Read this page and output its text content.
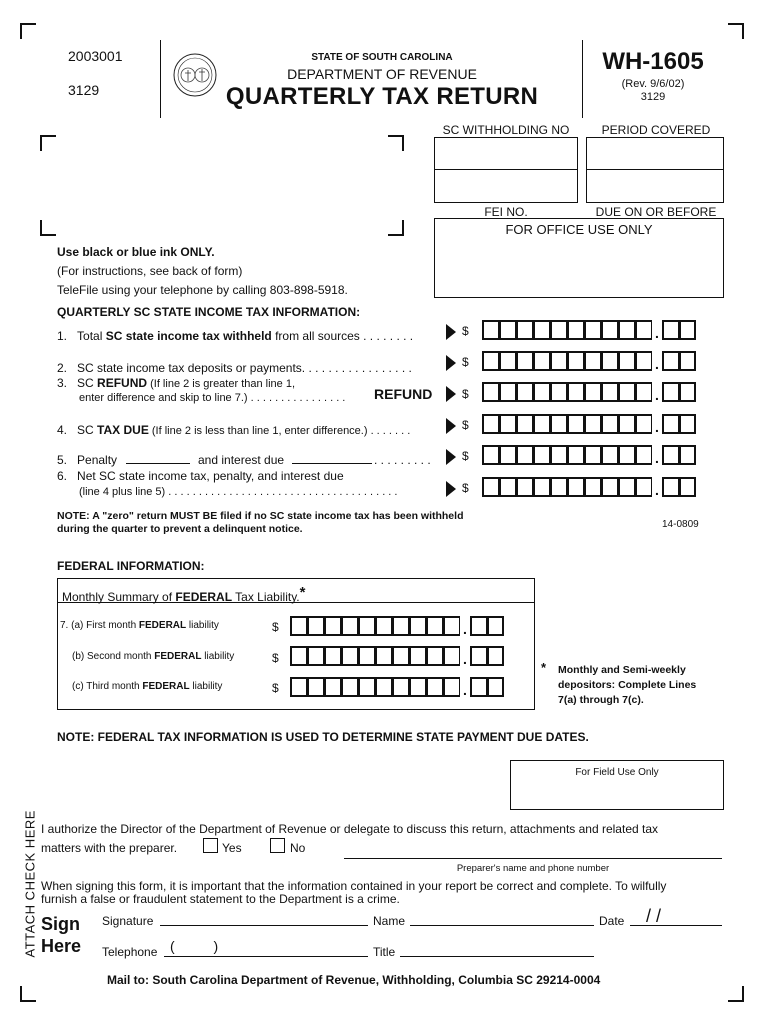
2003001
3129
STATE OF SOUTH CAROLINA
DEPARTMENT OF REVENUE
QUARTERLY TAX RETURN
WH-1605
(Rev. 9/6/02)
3129
SC WITHHOLDING NO	PERIOD COVERED
FEI NO.	DUE ON OR BEFORE
FOR OFFICE USE ONLY
Use black or blue ink ONLY.
(For instructions, see back of form)
TeleFile using your telephone by calling 803-898-5918.
QUARTERLY SC STATE INCOME TAX INFORMATION:
1. Total SC state income tax withheld from all sources . . . . . . . .	$	.
2. SC state income tax deposits or payments. . . . . . . . . . . . . . . . .	$	.
3. SC REFUND (If line 2 is greater than line 1,
enter difference and skip to line 7.) . . . . . . . . . . . . . . . . REFUND $	.
4. SC TAX DUE (If line 2 is less than line 1, enter difference.) . . . . . . .	$	.
5. Penalty	and interest due	. . . . . . . . .	$	.
6. Net SC state income tax, penalty, and interest due
(line 4 plus line 5) . . . . . . . . . . . . . . . . . . . . . . . . . . . . . . . . . . . . . .	$	.
NOTE: A "zero" return MUST BE filed if no SC state income tax has been withheld
during the quarter to prevent a delinquent notice.	14-0809
FEDERAL INFORMATION:
Monthly Summary of FEDERAL Tax Liability.*
7. (a) First month FEDERAL liability	$	.
(b) Second month FEDERAL liability	$	.
(c) Third month FEDERAL liability	$	.
* Monthly and Semi-weekly
depositors: Complete Lines
7(a) through 7(c).
NOTE: FEDERAL TAX INFORMATION IS USED TO DETERMINE STATE PAYMENT DUE DATES.
For Field Use Only
ATTACH CHECK HERE I authorize the Director of the Department of Revenue or delegate to discuss this return, attachments and related tax
matters with the preparer.	Yes	No
Preparer's name and phone number
When signing this form, it is important that the information contained in your report be correct and complete. To wilfully
furnish a false or fraudulent statement to the Department is a crime.
Sign
Here
Signature	Name	Date / /
Telephone (          )	Title
Mail to: South Carolina Department of Revenue, Withholding, Columbia SC 29214-0004
